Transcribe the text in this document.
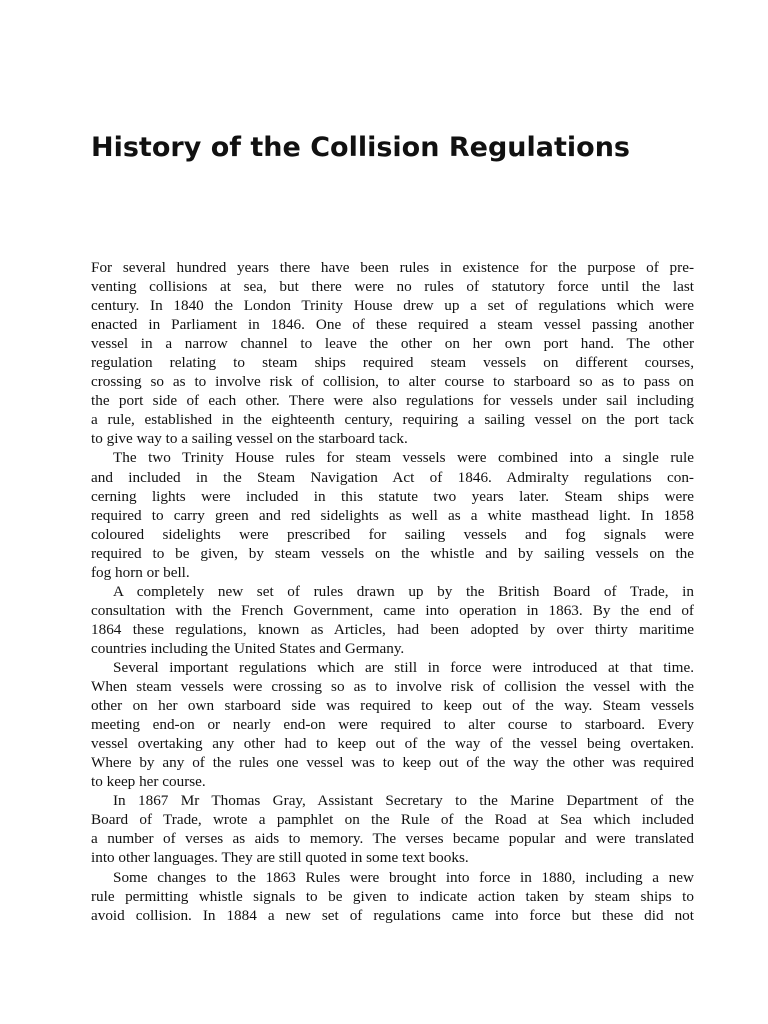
History of the Collision Regulations
For several hundred years there have been rules in existence for the purpose of pre-
venting collisions at sea, but there were no rules of statutory force until the last
century. In 1840 the London Trinity House drew up a set of regulations which were
enacted in Parliament in 1846. One of these required a steam vessel passing another
vessel in a narrow channel to leave the other on her own port hand. The other
regulation relating to steam ships required steam vessels on different courses,
crossing so as to involve risk of collision, to alter course to starboard so as to pass on
the port side of each other. There were also regulations for vessels under sail including
a rule, established in the eighteenth century, requiring a sailing vessel on the port tack
to give way to a sailing vessel on the starboard tack.
The two Trinity House rules for steam vessels were combined into a single rule
and included in the Steam Navigation Act of 1846. Admiralty regulations con-
cerning lights were included in this statute two years later. Steam ships were
required to carry green and red sidelights as well as a white masthead light. In 1858
coloured sidelights were prescribed for sailing vessels and fog signals were
required to be given, by steam vessels on the whistle and by sailing vessels on the
fog horn or bell.
A completely new set of rules drawn up by the British Board of Trade, in
consultation with the French Government, came into operation in 1863. By the end of
1864 these regulations, known as Articles, had been adopted by over thirty maritime
countries including the United States and Germany.
Several important regulations which are still in force were introduced at that time.
When steam vessels were crossing so as to involve risk of collision the vessel with the
other on her own starboard side was required to keep out of the way. Steam vessels
meeting end-on or nearly end-on were required to alter course to starboard. Every
vessel overtaking any other had to keep out of the way of the vessel being overtaken.
Where by any of the rules one vessel was to keep out of the way the other was required
to keep her course.
In 1867 Mr Thomas Gray, Assistant Secretary to the Marine Department of the
Board of Trade, wrote a pamphlet on the Rule of the Road at Sea which included
a number of verses as aids to memory. The verses became popular and were translated
into other languages. They are still quoted in some text books.
Some changes to the 1863 Rules were brought into force in 1880, including a new
rule permitting whistle signals to be given to indicate action taken by steam ships to
avoid collision. In 1884 a new set of regulations came into force but these did not
